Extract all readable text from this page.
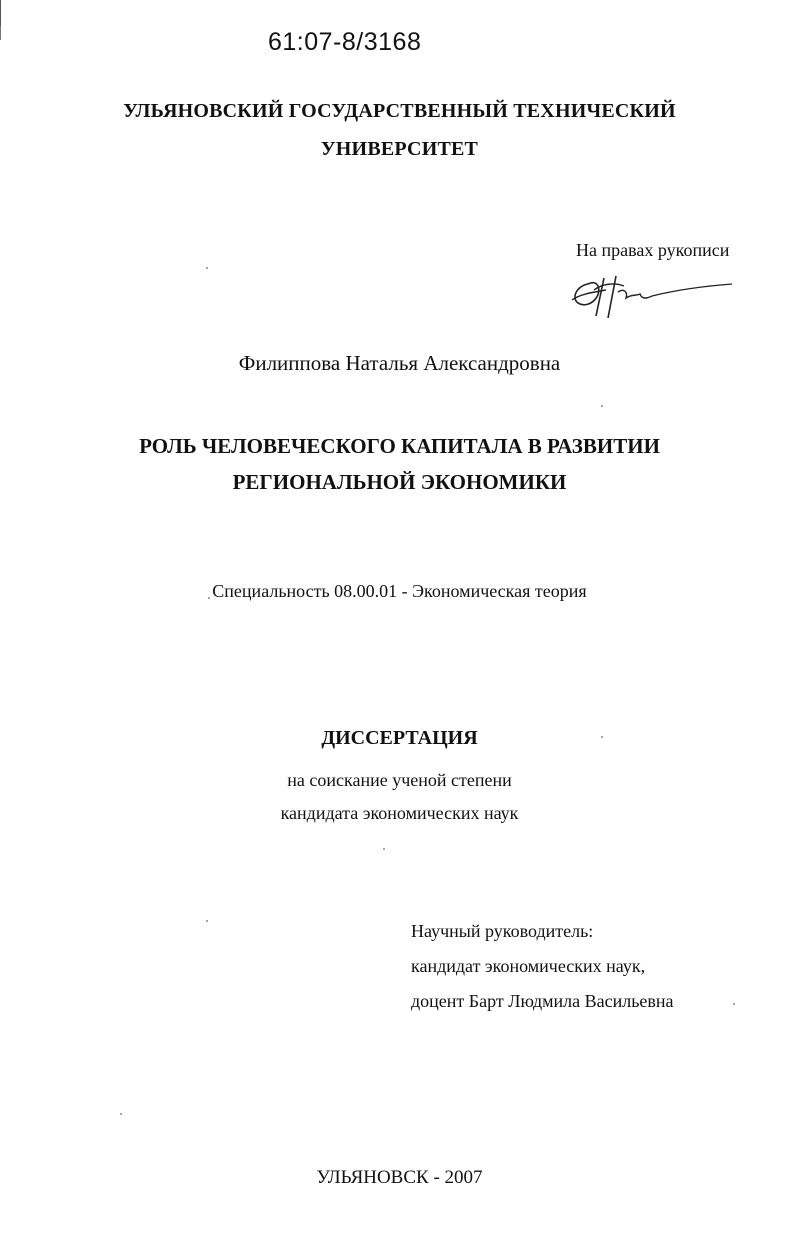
61:07-8/3168
УЛЬЯНОВСКИЙ ГОСУДАРСТВЕННЫЙ ТЕХНИЧЕСКИЙ
УНИВЕРСИТЕТ
На правах рукописи
Филиппова Наталья Александровна
РОЛЬ ЧЕЛОВЕЧЕСКОГО КАПИТАЛА В РАЗВИТИИ
РЕГИОНАЛЬНОЙ ЭКОНОМИКИ
Специальность 08.00.01 - Экономическая теория
ДИССЕРТАЦИЯ
на соискание ученой степени
кандидата экономических наук
Научный руководитель:
кандидат экономических наук,
доцент Барт Людмила Васильевна
УЛЬЯНОВСК - 2007
